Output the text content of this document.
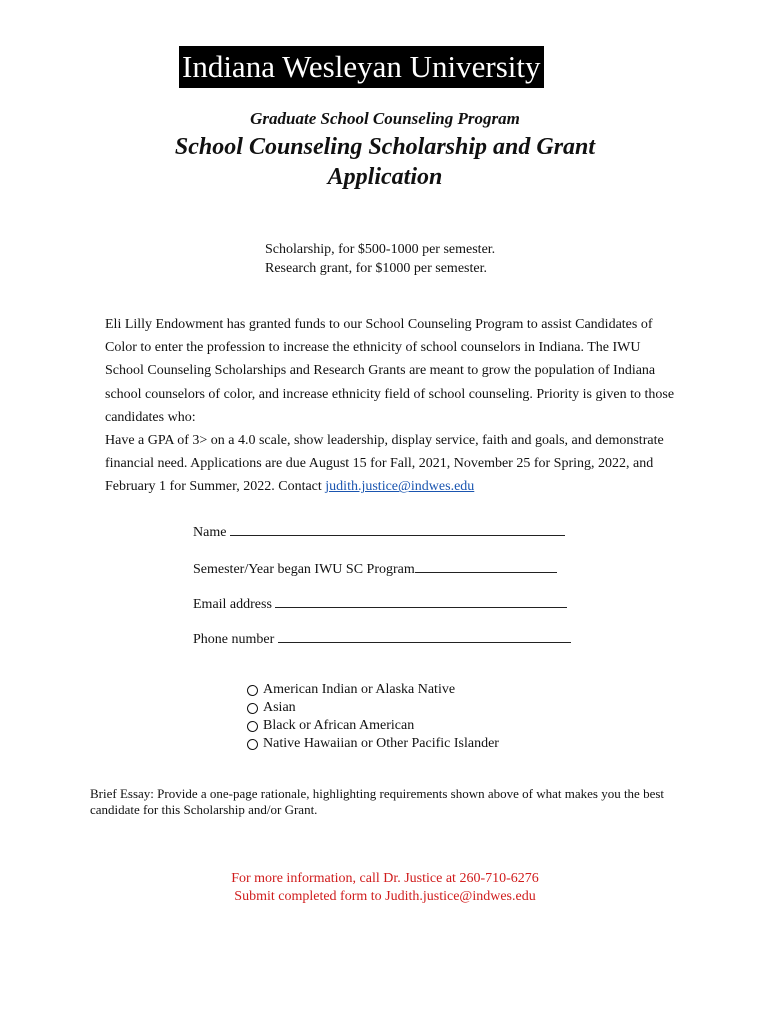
Indiana Wesleyan University
Graduate School Counseling Program
School Counseling Scholarship and Grant
Application
Scholarship, for $500-1000 per semester.
Research grant, for $1000 per semester.

Eli Lilly Endowment has granted funds to our School Counseling Program to assist Candidates of Color to enter the profession to increase the ethnicity of school counselors in Indiana. The IWU School Counseling Scholarships and Research Grants are meant to grow the population of Indiana school counselors of color, and increase ethnicity field of school counseling. Priority is given to those candidates who:

Have a GPA of 3> on a 4.0 scale, show leadership, display service, faith and goals, and demonstrate financial need. Applications are due August 15 for Fall, 2021, November 25 for Spring, 2022, and February 1 for Summer, 2022. Contact judith.justice@indwes.edu

Name
Semester/Year began IWU SC Program
Email address
Phone number
American Indian or Alaska Native
Asian
Black or African American
Native Hawaiian or Other Pacific Islander
Brief Essay: Provide a one-page rationale, highlighting requirements shown above of what makes you the best candidate for this Scholarship and/or Grant.
For more information, call Dr. Justice at 260-710-6276
Submit completed form to Judith.justice@indwes.edu
